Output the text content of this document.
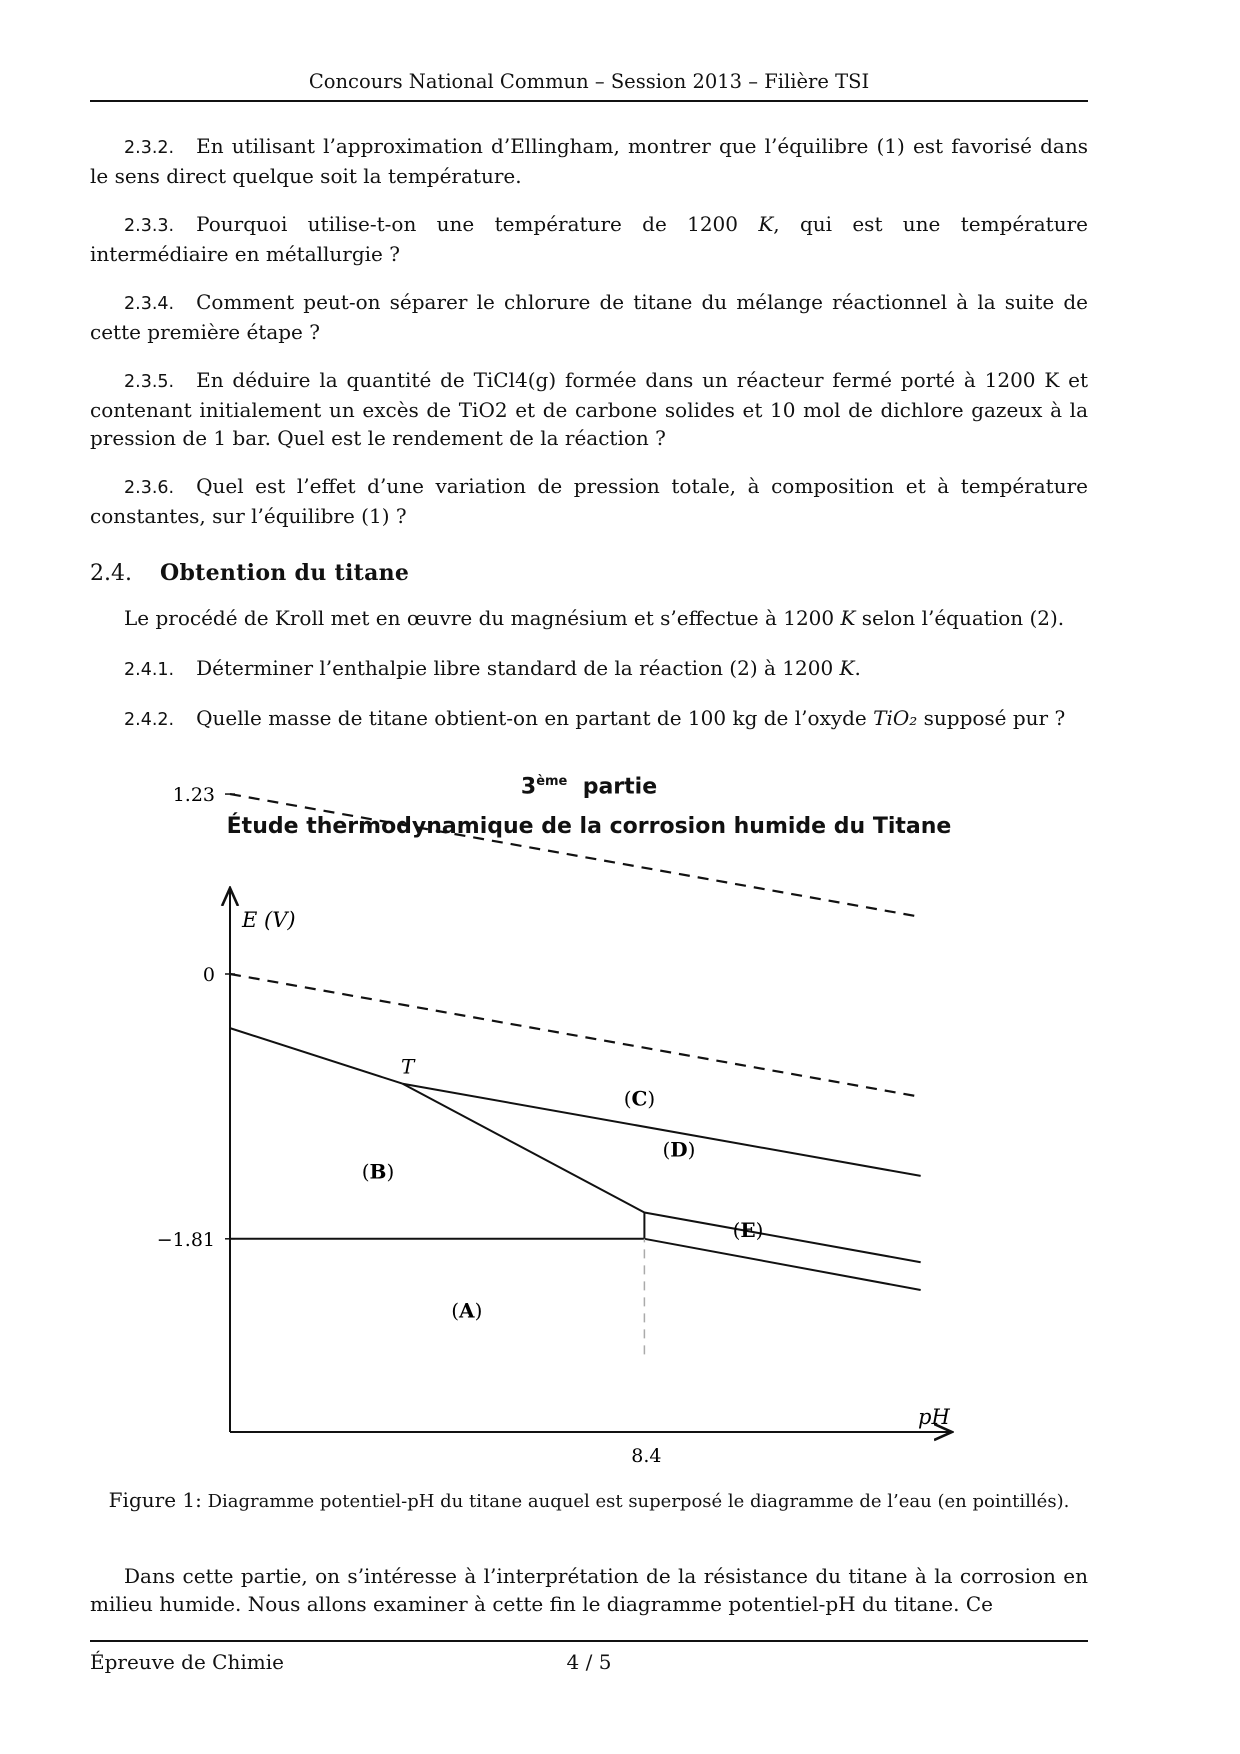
Concours National Commun – Session 2013 – Filière TSI
2.3.2. En utilisant l’approximation d’Ellingham, montrer que l’équilibre (1) est favorisé dans le sens direct quelque soit la température.
2.3.3. Pourquoi utilise-t-on une température de 1200 K, qui est une température intermédiaire en métallurgie ?
2.3.4. Comment peut-on séparer le chlorure de titane du mélange réactionnel à la suite de cette première étape ?
2.3.5. En déduire la quantité de TiCl4(g) formée dans un réacteur fermé porté à 1200 K et contenant initialement un excès de TiO2 et de carbone solides et 10 mol de dichlore gazeux à la pression de 1 bar. Quel est le rendement de la réaction ?
2.3.6. Quel est l’effet d’une variation de pression totale, à composition et à température constantes, sur l’équilibre (1) ?
2.4. Obtention du titane
Le procédé de Kroll met en œuvre du magnésium et s’effectue à 1200 K selon l’équation (2).
2.4.1. Déterminer l’enthalpie libre standard de la réaction (2) à 1200 K.
2.4.2. Quelle masse de titane obtient-on en partant de 100 kg de l’oxyde TiO₂ supposé pur ?
3ème partie
Étude thermodynamique de la corrosion humide du Titane
1.23
0
−1.81
8.4
E (V)
pH
T
(A)
(B)
(C)
(D)
(E)
Figure 1: Diagramme potentiel-pH du titane auquel est superposé le diagramme de l’eau (en pointillés).
Dans cette partie, on s’intéresse à l’interprétation de la résistance du titane à la corrosion en milieu humide. Nous allons examiner à cette fin le diagramme potentiel-pH du titane. Ce
Épreuve de Chimie	4 / 5
